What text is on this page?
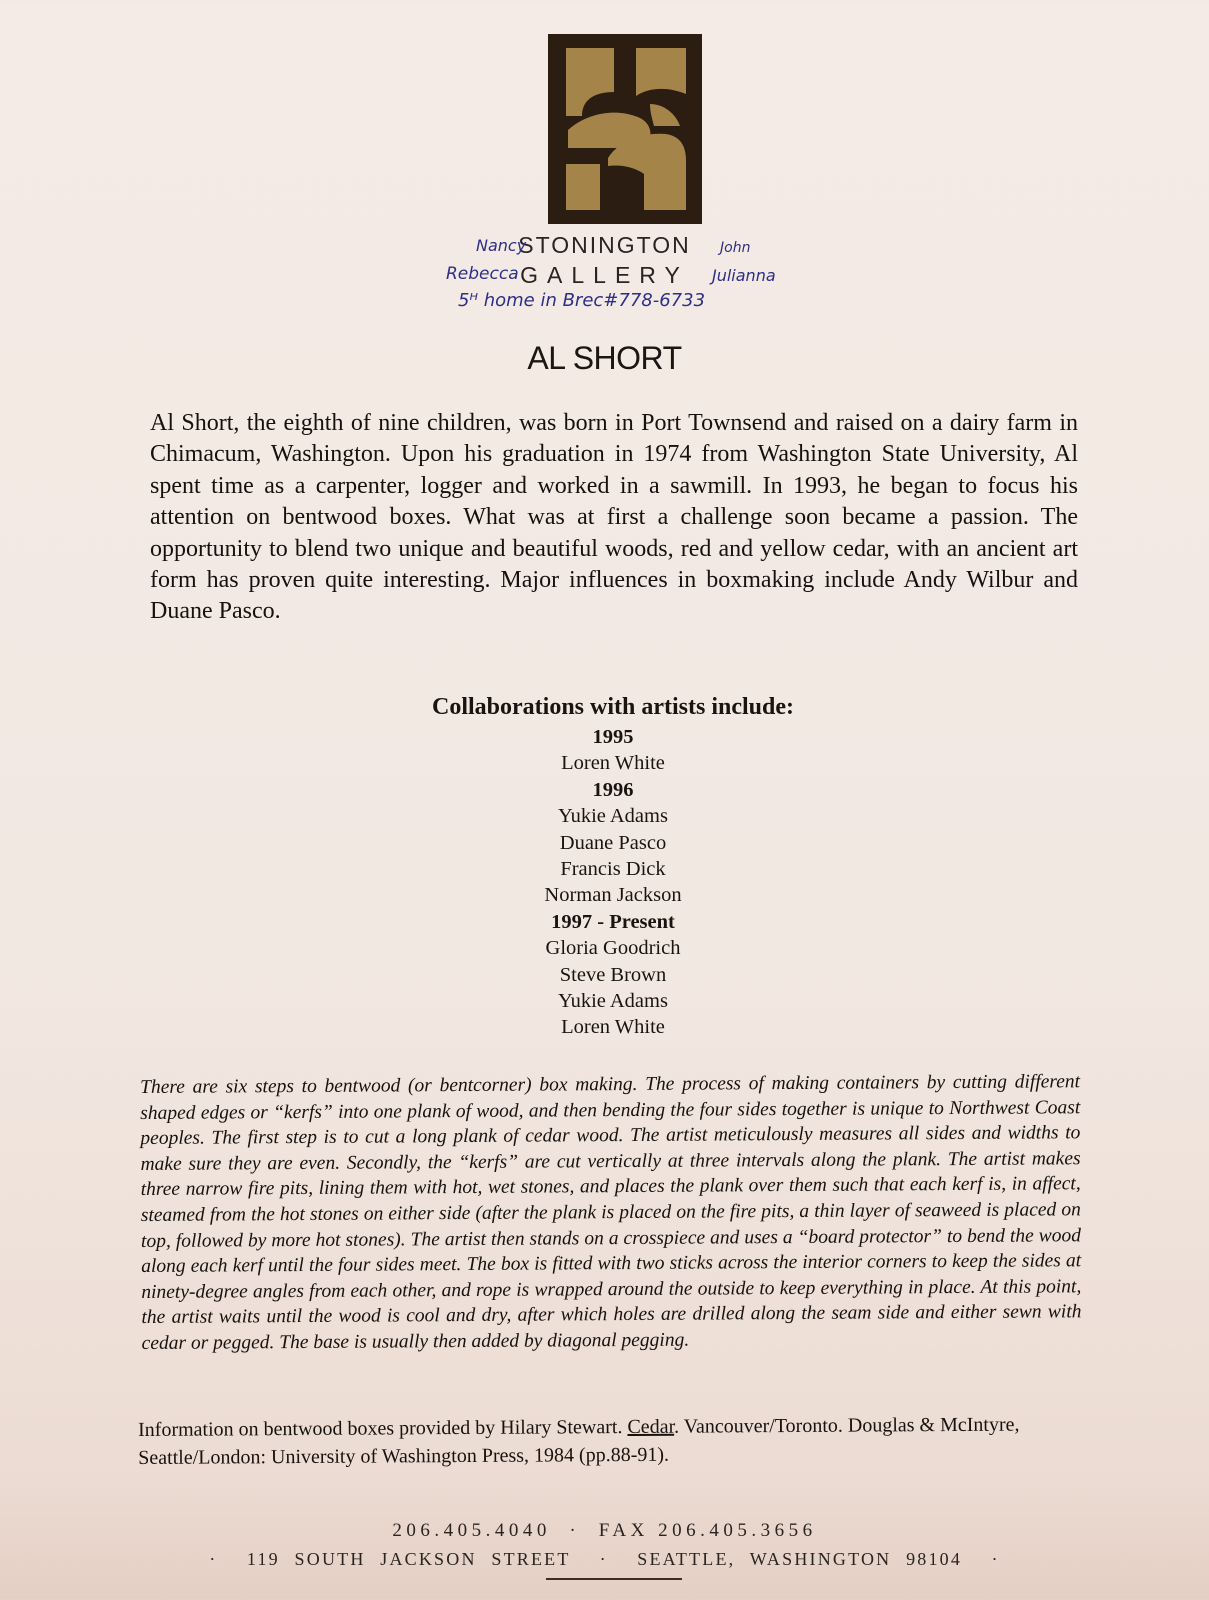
STONINGTON
GALLERY
Nancy	John
Rebecca	Julianna
5ᴴ home in Brec#778-6733
AL SHORT
Al Short, the eighth of nine children, was born in Port Townsend and raised on a dairy farm in Chimacum, Washington. Upon his graduation in 1974 from Washington State University, Al spent time as a carpenter, logger and worked in a sawmill. In 1993, he began to focus his attention on bentwood boxes. What was at first a challenge soon became a passion. The opportunity to blend two unique and beautiful woods, red and yellow cedar, with an ancient art form has proven quite interesting. Major influences in boxmaking include Andy Wilbur and Duane Pasco.
Collaborations with artists include:
1995
Loren White
1996
Yukie Adams
Duane Pasco
Francis Dick
Norman Jackson
1997 - Present
Gloria Goodrich
Steve Brown
Yukie Adams
Loren White
There are six steps to bentwood (or bentcorner) box making. The process of making containers by cutting different shaped edges or “kerfs” into one plank of wood, and then bending the four sides together is unique to Northwest Coast peoples. The first step is to cut a long plank of cedar wood. The artist meticulously measures all sides and widths to make sure they are even. Secondly, the “kerfs” are cut vertically at three intervals along the plank. The artist makes three narrow fire pits, lining them with hot, wet stones, and places the plank over them such that each kerf is, in affect, steamed from the hot stones on either side (after the plank is placed on the fire pits, a thin layer of seaweed is placed on top, followed by more hot stones). The artist then stands on a crosspiece and uses a “board protector” to bend the wood along each kerf until the four sides meet. The box is fitted with two sticks across the interior corners to keep the sides at ninety-degree angles from each other, and rope is wrapped around the outside to keep everything in place. At this point, the artist waits until the wood is cool and dry, after which holes are drilled along the seam side and either sewn with cedar or pegged. The base is usually then added by diagonal pegging.
Information on bentwood boxes provided by Hilary Stewart. Cedar. Vancouver/Toronto. Douglas & McIntyre, Seattle/London: University of Washington Press, 1984 (pp.88-91).
206.405.4040  ·  FAX 206.405.3656
·  119 SOUTH JACKSON STREET  ·  SEATTLE, WASHINGTON 98104  ·
